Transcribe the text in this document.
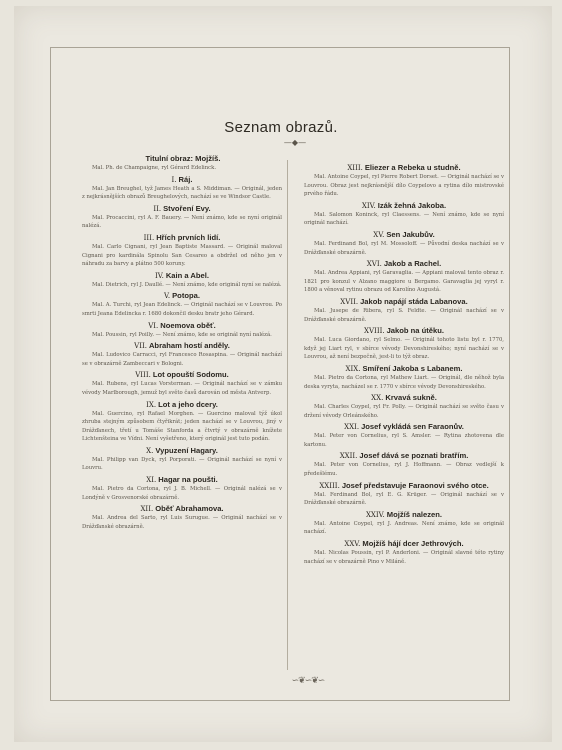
Seznam obrazů.
—◆—
Titulní obraz: Mojžíš.
Mal. Ph. de Champaigne, ryl Gérard Edelinck.
I. Ráj.
Mal. Jan Breughel, tyž James Heath a S. Middiman. — Originál, jeden z nejkrásnějších obrazů Breughelových, nachází se ve Windsor Castle.
II. Stvoření Evy.
Mal. Procaccini, ryl A. F. Bauery. — Není známo, kde se nyní originál nalézá.
III. Hřích prvních lidí.
Mal. Carlo Cignani, ryl Jean Baptiste Massard. — Originál maloval Cignani pro kardinála Spinolu San Cesareo a obdržel od něho jen v náhradu za barvy a plátno 500 koruny.
IV. Kain a Abel.
Mal. Dietrich, ryl J. Daullé. — Není známo, kde originál nyní se nalézá.
V. Potopa.
Mal. A. Turchi, ryl Jean Edelinck. — Originál nachází se v Louvrou. Po smrti Jeana Edelincka r. 1680 dokončil desku bratr jeho Gérard.
VI. Noemova oběť.
Mal. Poussin, ryl Poilly. — Není známo, kde se originál nyní nalézá.
VII. Abraham hostí anděly.
Mal. Ludovico Carracci, ryl Francesco Rosaspina. — Originál nachází se v obrazárně Zambeccari v Bologni.
VIII. Lot opouští Sodomu.
Mal. Rubens, ryl Lucas Vorsterman. — Originál nachází se v zámku vévody Marlborough, jemuž byl světo časů darován od města Antverp.
IX. Lot a jeho dcery.
Mal. Guercino, ryl Rafael Morghen. — Guercino maloval týž úkol zhruba stejným způsobem čtyřikrát; jeden nachází se v Louvrou, jiný v Drážďanech, třetí u Tomáše Stanforda a čtvrtý v obrazárně knížete Lichtenšteina ve Vídni. Není vyšetřeno, který originál jest tuto podán.
X. Vypuzení Hagary.
Mal. Philipp van Dyck, ryl Porporati. — Originál nachází se nyní v Louvru.
XI. Hagar na poušti.
Mal. Pietro da Cortona, ryl J. B. Michell. — Originál nalézá se v Londýně v Grosvenorské obrazárně.
XII. Oběť Abrahamova.
Mal. Andrea del Sarto, ryl Luis Surugue. — Originál nachází se v Drážďanské obrazárně.
XIII. Eliezer a Rebeka u studně.
Mal. Antoine Coypel, ryl Pierre Robert Dorset. — Originál nachází se v Louvrou. Obraz jest nejkrásnější dílo Coypelovo a rytina dílo mistrovské prvého řádu.
XIV. Izák žehná Jakoba.
Mal. Salomon Koninck, ryl Claessens. — Není známo, kde se nyní originál nachází.
XV. Sen Jakubův.
Mal. Ferdinand Bol, ryl M. Mossoloff. — Původní deska nachází se v Drážďanské obrazárně.
XVI. Jakob a Rachel.
Mal. Andrea Appiani, ryl Garavaglia. — Appiani maloval tento obraz r. 1821 pro konzul v Alzano maggiore u Bergamo. Garavaglia jej vyryl r. 1800 a věnoval rytinu obrazu od Karolíno Augustá.
XVII. Jakob napájí stáda Labanova.
Mal. Jusepe de Ribera, ryl S. Feldte. — Originál nachází se v Drážďanské obrazárně.
XVIII. Jakob na útěku.
Mal. Luca Giordano, ryl Selmo. — Originál tohoto listu byl r. 1770, když jej Liart ryl, v sbírce vévody Devonshireského; nyní nachází se v Louvrou, až není bezpečně, jest-li to týž obraz.
XIX. Smíření Jakoba s Labanem.
Mal. Pietro da Cortona, ryl Mathew Liart. — Originál, dle něhož byla deska vyryta, nacházel se r. 1770 v sbírce vévody Devonshireského.
XX. Krvavá sukně.
Mal. Charles Coypel, ryl Fr. Polly. — Originál nachází se světo času v držení vévody Orleánského.
XXI. Josef vykládá sen Faraonův.
Mal. Peter von Cornelius, ryl S. Amsler. — Rytina zhotovena dle kartonu.
XXII. Josef dává se poznati bratřím.
Mal. Peter von Cornelius, ryl J. Hoffmann. — Obraz vedlejší k předešlému.
XXIII. Josef představuje Faraonovi svého otce.
Mal. Ferdinand Bol, ryl E. G. Krüger. — Originál nachází se v Drážďanské obrazárně.
XXIV. Mojžíš nalezen.
Mal. Antoine Coypel, ryl J. Andreas. Není známo, kde se originál nachází.
XXV. Mojžíš hájí dcer Jethrových.
Mal. Nicolas Poussin, ryl P. Anderloni. — Originál slavné této rytiny nachází se v obrazárně Pino v Miláně.
∽❦∽❦∽
